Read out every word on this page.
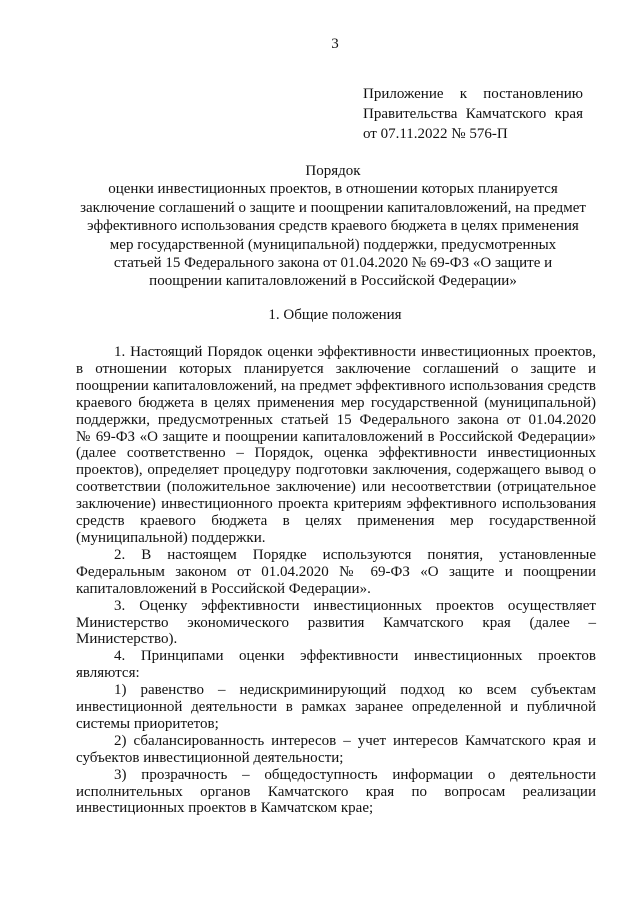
3
Приложение к постановлению
Правительства Камчатского края
от 07.11.2022 № 576-П
Порядок
оценки инвестиционных проектов, в отношении которых планируется
заключение соглашений о защите и поощрении капиталовложений, на предмет
эффективного использования средств краевого бюджета в целях применения
мер государственной (муниципальной) поддержки, предусмотренных
статьей 15 Федерального закона от 01.04.2020 № 69-ФЗ «О защите и
поощрении капиталовложений в Российской Федерации»
1. Общие положения
1. Настоящий Порядок оценки эффективности инвестиционных проектов,
в отношении которых планируется заключение соглашений о защите и
поощрении капиталовложений, на предмет эффективного использования средств
краевого бюджета в целях применения мер государственной (муниципальной)
поддержки, предусмотренных статьей 15 Федерального закона от 01.04.2020
№ 69-ФЗ «О защите и поощрении капиталовложений в Российской Федерации»
(далее соответственно – Порядок, оценка эффективности инвестиционных
проектов), определяет процедуру подготовки заключения, содержащего вывод о
соответствии (положительное заключение) или несоответствии (отрицательное
заключение) инвестиционного проекта критериям эффективного использования
средств краевого бюджета в целях применения мер государственной
(муниципальной) поддержки.
2. В настоящем Порядке используются понятия, установленные
Федеральным законом от 01.04.2020 № 69-ФЗ «О защите и поощрении
капиталовложений в Российской Федерации».
3. Оценку эффективности инвестиционных проектов осуществляет
Министерство экономического развития Камчатского края (далее –
Министерство).
4. Принципами оценки эффективности инвестиционных проектов
являются:
1) равенство – недискриминирующий подход ко всем субъектам
инвестиционной деятельности в рамках заранее определенной и публичной
системы приоритетов;
2) сбалансированность интересов – учет интересов Камчатского края и
субъектов инвестиционной деятельности;
3) прозрачность – общедоступность информации о деятельности
исполнительных органов Камчатского края по вопросам реализации
инвестиционных проектов в Камчатском крае;
